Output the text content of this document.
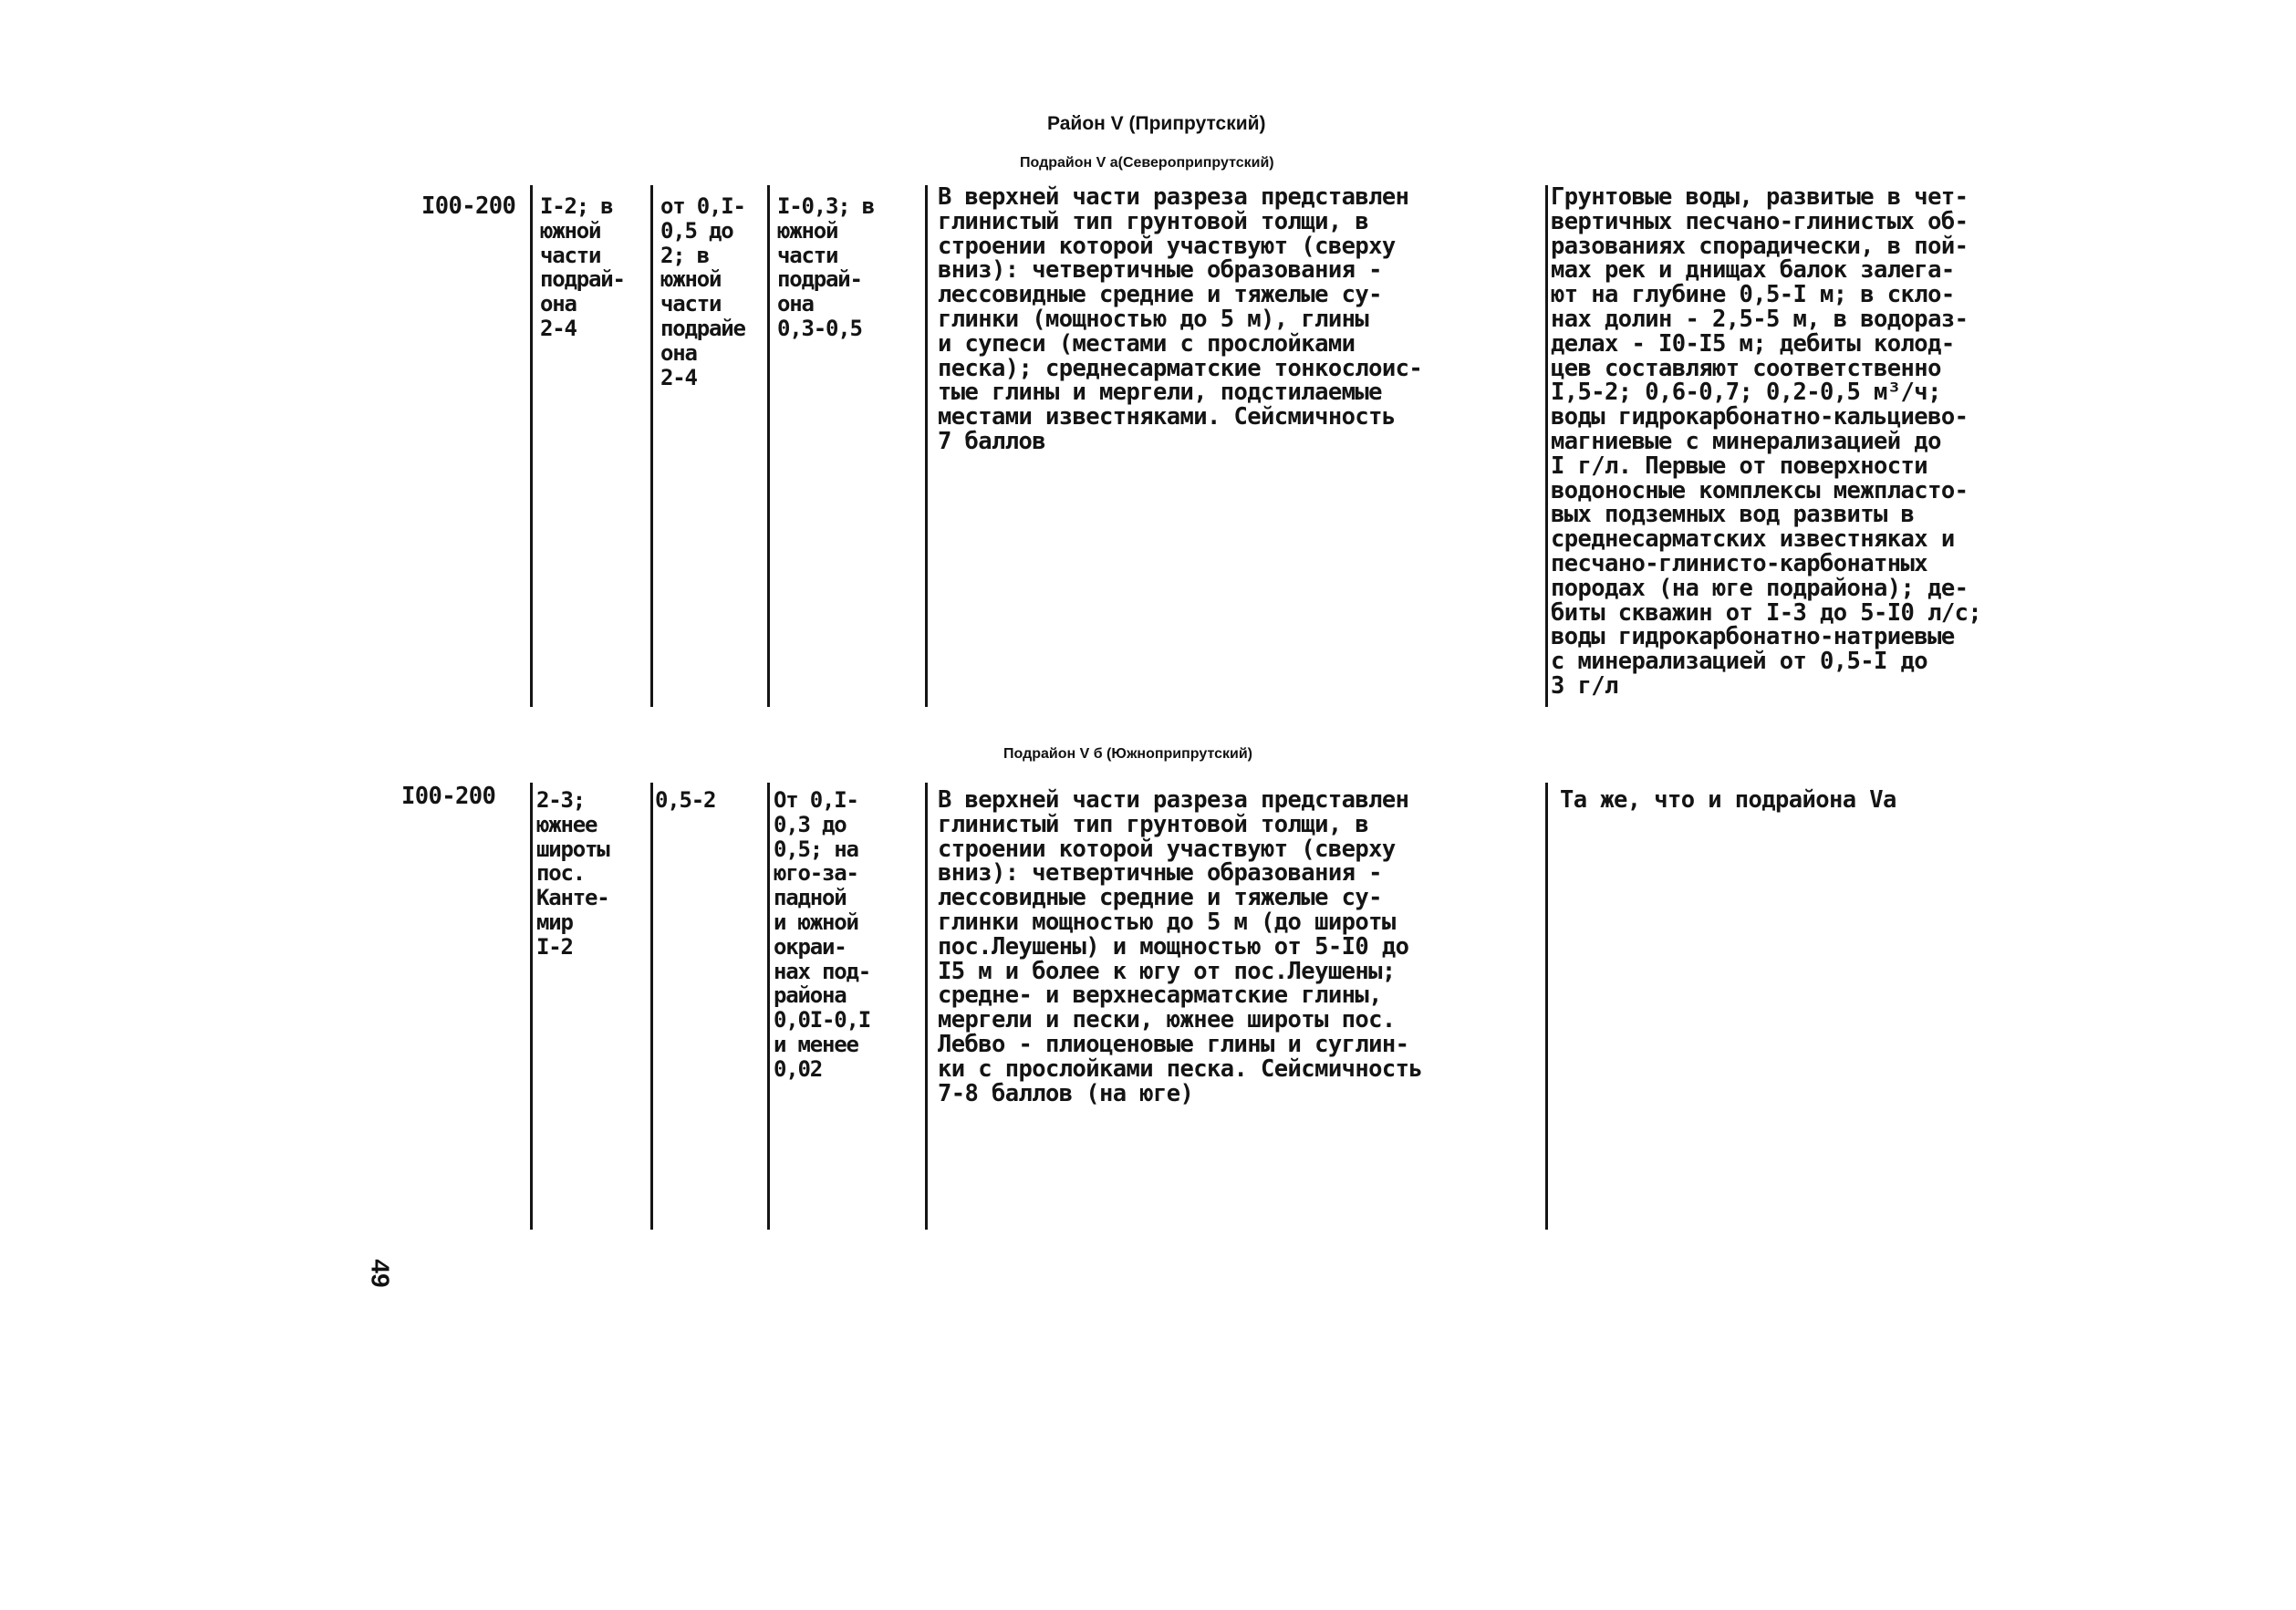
Район V (Припрутский)
Подрайон V а(Североприпрутский)
Подрайон V б (Южноприпрутский)
I00-200 I-2; в
южной
части
подрай-
она
2-4
от 0,I-
0,5 до
2; в
южной
части
подрайе
она
2-4
I-0,3; в
южной
части
подрай-
она
0,3-0,5
В верхней части разреза представлен
глинистый тип грунтовой толщи, в
строении которой участвуют (сверху
вниз): четвертичные образования -
лессовидные средние и тяжелые су-
глинки (мощностью до 5 м), глины
и супеси (местами с прослойками
песка); среднесарматские тонкослоис-
тые глины и мергели, подстилаемые
местами известняками. Сейсмичность
7 баллов
Грунтовые воды, развитые в чет-
вертичных песчано-глинистых об-
разованиях спорадически, в пой-
мах рек и днищах балок залега-
ют на глубине 0,5-I м; в скло-
нах долин - 2,5-5 м, в водораз-
делах - I0-I5 м; дебиты колод-
цев составляют соответственно
I,5-2; 0,6-0,7; 0,2-0,5 м³/ч;
воды гидрокарбонатно-кальциево-
магниевые с минерализацией до
I г/л. Первые от поверхности
водоносные комплексы межпласто-
вых подземных вод развиты в
среднесарматских известняках и
песчано-глинисто-карбонатных
породах (на юге подрайона); де-
биты скважин от I-3 до 5-I0 л/с;
воды гидрокарбонатно-натриевые
с минерализацией от 0,5-I до
3 г/л
I00-200 2-3;
южнее
широты
пос.
Канте-
мир
I-2
0,5-2	От 0,I-
0,3 до
0,5; на
юго-за-
падной
и южной
окраи-
нах под-
района
0,0I-0,I
и менее
0,02
В верхней части разреза представлен
глинистый тип грунтовой толщи, в
строении которой участвуют (сверху
вниз): четвертичные образования -
лессовидные средние и тяжелые су-
глинки мощностью до 5 м (до широты
пос.Леушены) и мощностью от 5-I0 до
I5 м и более к югу от пос.Леушены;
средне- и верхнесарматские глины,
мергели и пески, южнее широты пос.
Лебво - плиоценовые глины и суглин-
ки с прослойками песка. Сейсмичность
7-8 баллов (на юге)
Та же, что и подрайона Vа
49
